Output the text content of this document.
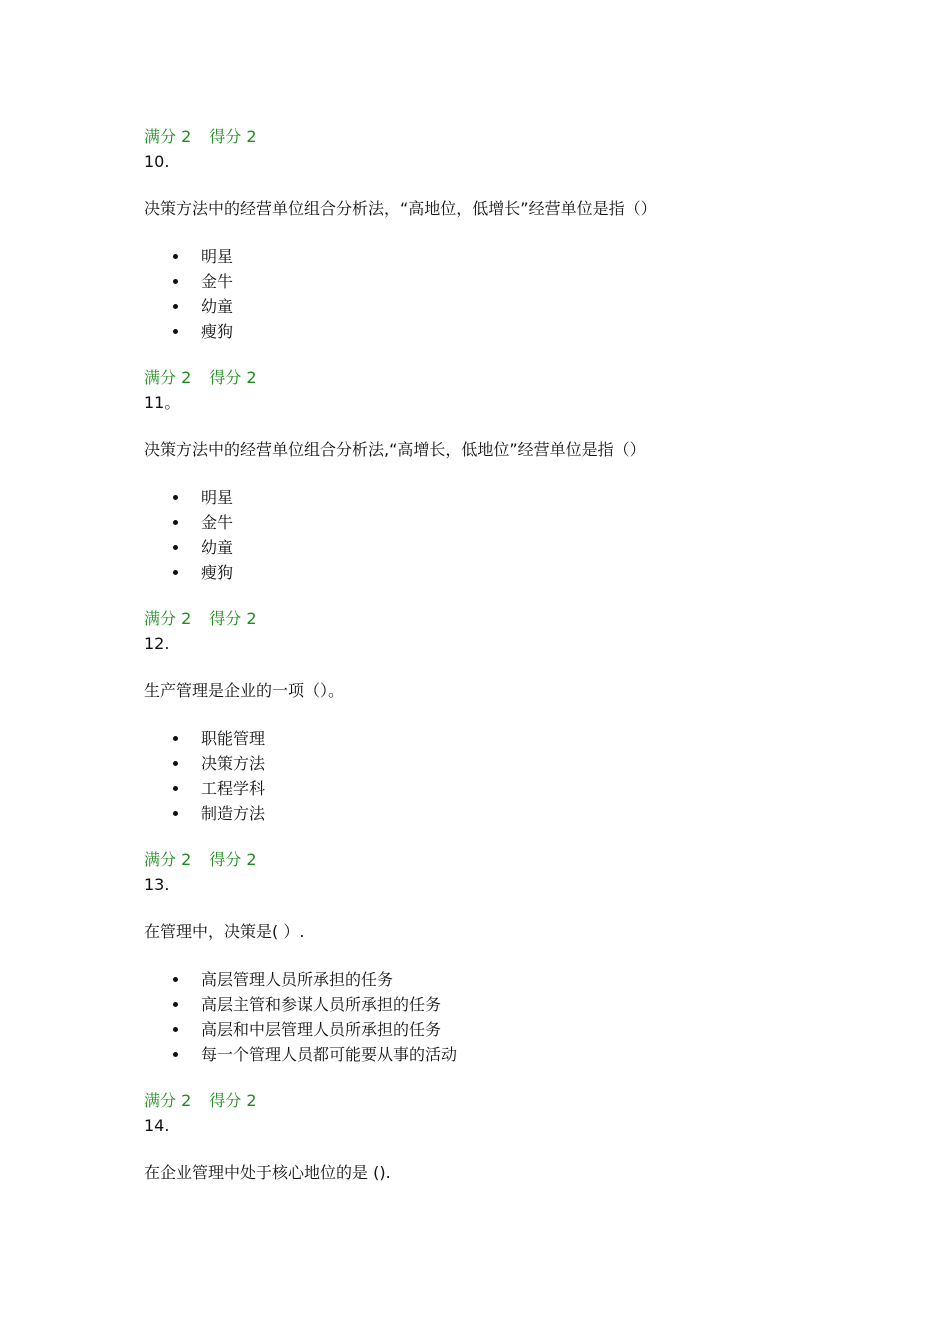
满分 2 得分 2
10.
决策方法中的经营单位组合分析法，“高地位，低增长”经营单位是指（）
明星
金牛
幼童
瘦狗
满分 2 得分 2
11。
决策方法中的经营单位组合分析法,“高增长，低地位”经营单位是指（）
明星
金牛
幼童
瘦狗
满分 2 得分 2
12.
生产管理是企业的一项（）。
职能管理
决策方法
工程学科
制造方法
满分 2 得分 2
13.
在管理中，决策是( ）.
高层管理人员所承担的任务
高层主管和参谋人员所承担的任务
高层和中层管理人员所承担的任务
每一个管理人员都可能要从事的活动
满分 2 得分 2
14.
在企业管理中处于核心地位的是 ().
